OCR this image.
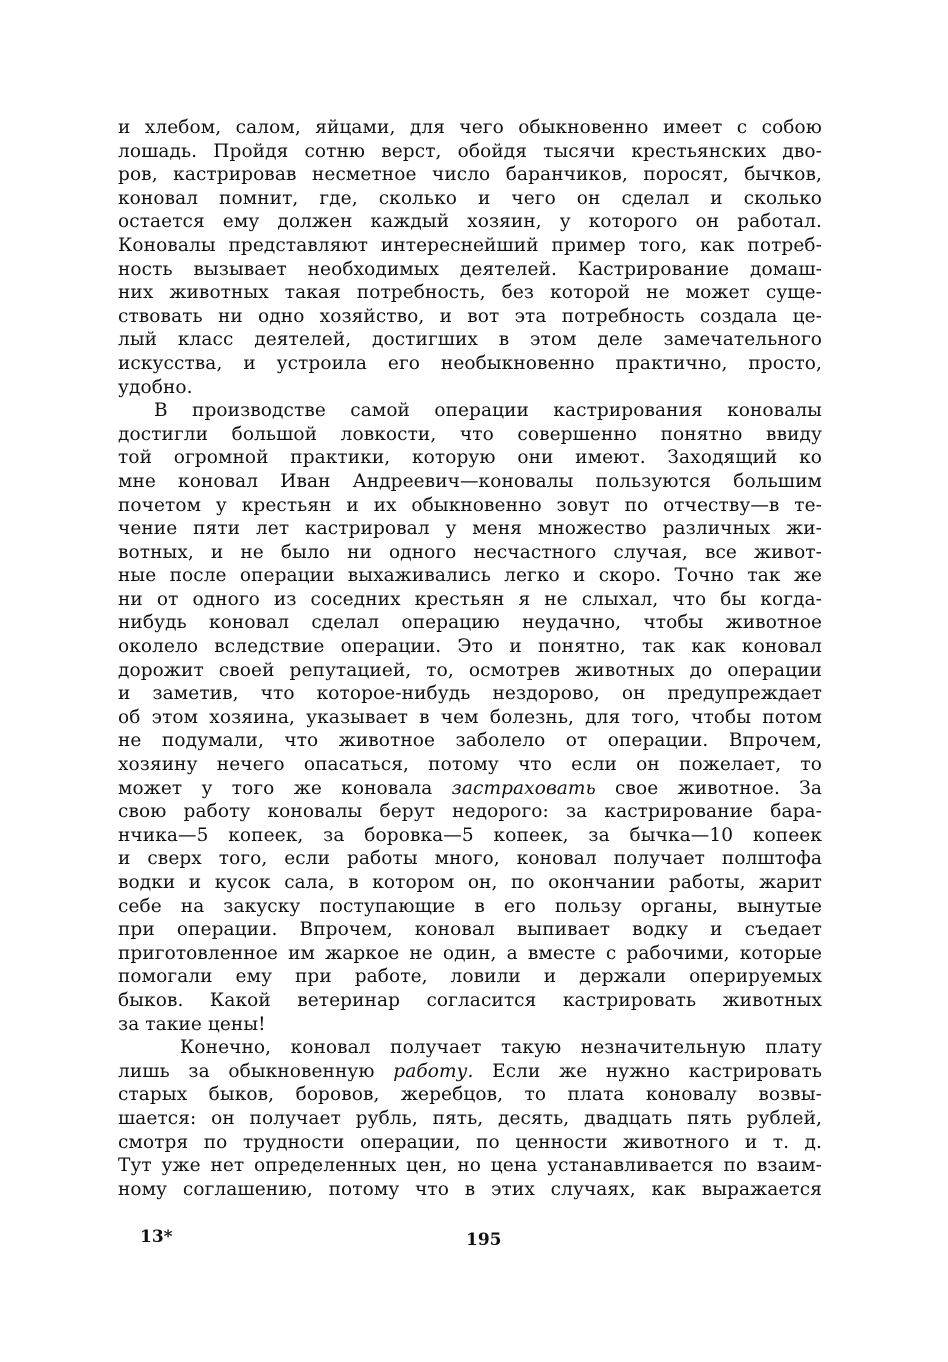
и хлебом, салом, яйцами, для чего обыкновенно имеет с собою
лошадь. Пройдя сотню верст, обойдя тысячи крестьянских дво-
ров, кастрировав несметное число баранчиков, поросят, бычков,
коновал помнит, где, сколько и чего он сделал и сколько
остается ему должен каждый хозяин, у которого он работал.
Коновалы представляют интереснейший пример того, как потреб-
ность вызывает необходимых деятелей. Кастрирование домаш-
них животных такая потребность, без которой не может суще-
ствовать ни одно хозяйство, и вот эта потребность создала це-
лый класс деятелей, достигших в этом деле замечательного
искусства, и устроила его необыкновенно практично, просто,
удобно.
В производстве самой операции кастрирования коновалы
достигли большой ловкости, что совершенно понятно ввиду
той огромной практики, которую они имеют. Заходящий ко
мне коновал Иван Андреевич—коновалы пользуются большим
почетом у крестьян и их обыкновенно зовут по отчеству—в те-
чение пяти лет кастрировал у меня множество различных жи-
вотных, и не было ни одного несчастного случая, все живот-
ные после операции выхаживались легко и скоро. Точно так же
ни от одного из соседних крестьян я не слыхал, что бы когда-
нибудь коновал сделал операцию неудачно, чтобы животное
околело вследствие операции. Это и понятно, так как коновал
дорожит своей репутацией, то, осмотрев животных до операции
и заметив, что которое-нибудь нездорово, он предупреждает
об этом хозяина, указывает в чем болезнь, для того, чтобы потом
не подумали, что животное заболело от операции. Впрочем,
хозяину нечего опасаться, потому что если он пожелает, то
может у того же коновала застраховать свое животное. За
свою работу коновалы берут недорого: за кастрирование бара-
нчика—5 копеек, за боровка—5 копеек, за бычка—10 копеек
и сверх того, если работы много, коновал получает полштофа
водки и кусок сала, в котором он, по окончании работы, жарит
себе на закуску поступающие в его пользу органы, вынутые
при операции. Впрочем, коновал выпивает водку и съедает
приготовленное им жаркое не один, а вместе с рабочими, которые
помогали ему при работе, ловили и держали оперируемых
быков. Какой ветеринар согласится кастрировать животных
за такие цены!
Конечно, коновал получает такую незначительную плату
лишь за обыкновенную работу. Если же нужно кастрировать
старых быков, боровов, жеребцов, то плата коновалу возвы-
шается: он получает рубль, пять, десять, двадцать пять рублей,
смотря по трудности операции, по ценности животного и т. д.
Тут уже нет определенных цен, но цена устанавливается по взаим-
ному соглашению, потому что в этих случаях, как выражается
13*	195
